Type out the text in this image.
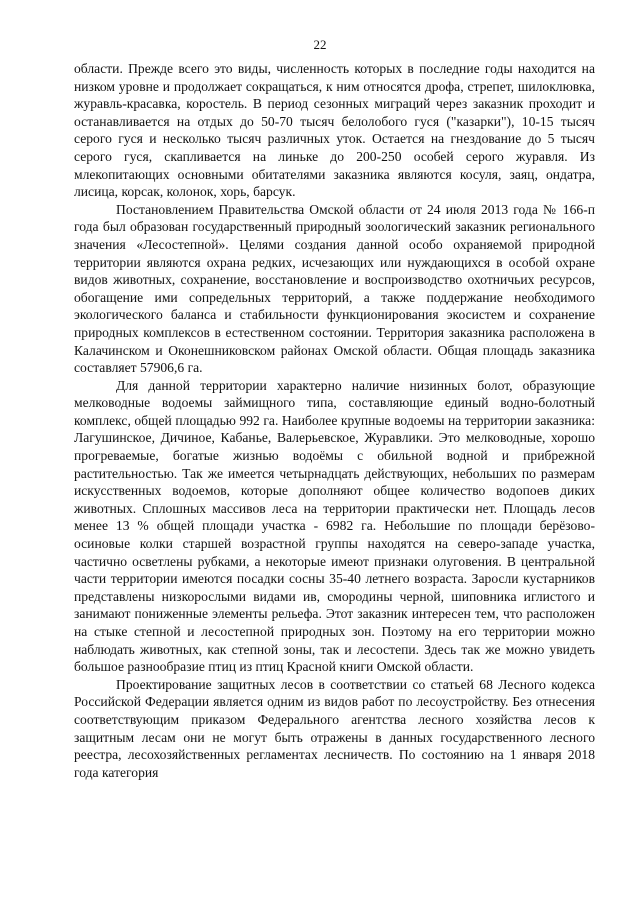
22

области. Прежде всего это виды, численность которых в последние годы находится на низком уровне и продолжает сокращаться, к ним относятся дрофа, стрепет, шилоклювка, журавль-красавка, коростель. В период сезонных миграций через заказник проходит и останавливается на отдых до 50-70 тысяч белолобого гуся ("казарки"), 10-15 тысяч серого гуся и несколько тысяч различных уток. Остается на гнездование до 5 тысяч серого гуся, скапливается на линьке до 200-250 особей серого журавля. Из млекопитающих основными обитателями заказника являются косуля, заяц, ондатра, лисица, корсак, колонок, хорь, барсук.

Постановлением Правительства Омской области от 24 июля 2013 года № 166-п года был образован государственный природный зоологический заказник регионального значения «Лесостепной». Целями создания данной особо охраняемой природной территории являются охрана редких, исчезающих или нуждающихся в особой охране видов животных, сохранение, восстановление и воспроизводство охотничьих ресурсов, обогащение ими сопредельных территорий, а также поддержание необходимого экологического баланса и стабильности функционирования экосистем и сохранение природных комплексов в естественном состоянии. Территория заказника расположена в Калачинском и Оконешниковском районах Омской области. Общая площадь заказника составляет 57906,6 га.

Для данной территории характерно наличие низинных болот, образующие мелководные водоемы займищного типа, составляющие единый водно-болотный комплекс, общей площадью 992 га. Наиболее крупные водоемы на территории заказника: Лагушинское, Дичиное, Кабанье, Валерьевское, Журавлики. Это мелководные, хорошо прогреваемые, богатые жизнью водоёмы с обильной водной и прибрежной растительностью. Так же имеется четырнадцать действующих, небольших по размерам искусственных водоемов, которые дополняют общее количество водопоев диких животных. Сплошных массивов леса на территории практически нет. Площадь лесов менее 13 % общей площади участка - 6982 га. Небольшие по площади берёзово- осиновые колки старшей возрастной группы находятся на северо-западе участка, частично осветлены рубками, а некоторые имеют признаки олуговения. В центральной части территории имеются посадки сосны 35-40 летнего возраста. Заросли кустарников представлены низкорослыми видами ив, смородины черной, шиповника иглистого и занимают пониженные элементы рельефа. Этот заказник интересен тем, что расположен на стыке степной и лесостепной природных зон. Поэтому на его территории можно наблюдать животных, как степной зоны, так и лесостепи. Здесь так же можно увидеть большое разнообразие птиц из птиц Красной книги Омской области.

Проектирование защитных лесов в соответствии со статьей 68 Лесного кодекса Российской Федерации является одним из видов работ по лесоустройству. Без отнесения соответствующим приказом Федерального агентства лесного хозяйства лесов к защитным лесам они не могут быть отражены в данных государственного лесного реестра, лесохозяйственных регламентах лесничеств. По состоянию на 1 января 2018 года категория
